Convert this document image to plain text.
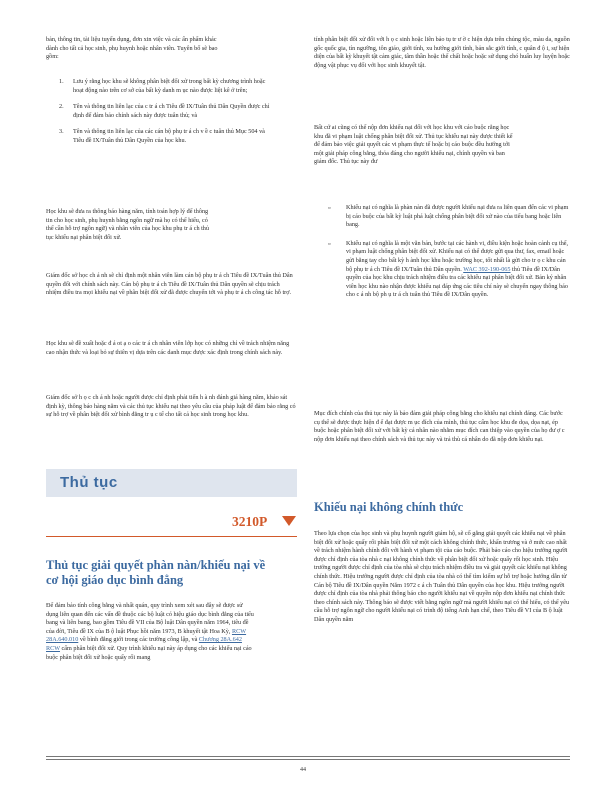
bản, thông tin, tài liệu tuyển dụng, đơn xin việc và các ấn phẩm khác dành cho tất cả học sinh, phụ huynh hoặc nhân viên. Tuyên bố sẽ bao gồm:

1. Lưu ý rằng học khu sẽ không phân biệt đối xử trong bất kỳ chương trình hoặc hoạt động nào trên cơ sở của bất kỳ danh m ục nào được liệt kê ở trên;
2. Tên và thông tin liên lạc của c tr á ch Tiêu đề IX/Tuân thủ Dân Quyền được chỉ định để đảm bảo chính sách này được tuân thủ; và
3. Tên và thông tin liên lạc của các cán bộ phụ tr á ch v ề c tuân thủ Mục 504 và Tiêu đề IX/Tuân thủ Dân Quyền của học khu.

Học khu sẽ đưa ra thông báo hàng năm, tính toán hợp lý để thông tin cho học sinh, phụ huynh bằng ngôn ngữ mà họ có thể hiểu, có thể cần hỗ trợ ngôn ngữ) và nhân viên của học khu phụ tr á ch thủ tục khiếu nại phân biệt đối xử.

Giám đốc sở học ch á nh sẽ chỉ định một nhân viên làm cán bộ phụ tr á ch Tiêu đề IX/Tuân thủ Dân quyền đối với chính sách này. Cán bộ phụ tr á ch Tiêu đề IX/Tuân thủ Dân quyền sẽ chịu trách nhiệm điều tra mọi khiếu nại về phân biệt đối xử đã được chuyển tới và phụ tr á ch công tác hỗ trợ.

Học khu sẽ đề xuất hoặc đ á ot ạ o các tr á ch nhân viên lớp học có những chỉ về trách nhiệm năng cao nhận thức và loại bỏ sự thiên vị dựa trên các danh mục được xác định trong chính sách này.

Giám đốc sở h ọ c ch á nh hoặc người được chỉ định phải tiến h à nh đánh giá hàng năm, khảo sát định kỳ, thông báo hàng năm và các thủ tục khiếu nại theo yêu cầu của pháp luật để đảm bảo rằng có sự hỗ trợ về phân biệt đối xử bình đẳng tr ụ c tế cho tất cả học sinh trong học khu.

Thủ tục
3210P
Thủ tục giải quyết phàn nàn/khiếu nại về cơ hội giáo dục bình đẳng

Để đảm bảo tính công bằng và nhất quán, quy trình xem xét sau đây sẽ được sử dụng liên quan đến các vấn đề thuộc các bộ luật có hiệu giáo dục bình đẳng của tiểu bang và liên bang, bao gồm Tiêu đề VII của Bộ luật Dân quyền năm 1964, tiêu đề của đời, Tiêu đề IX của B ộ luật Phục hồi năm 1973, B khuyết tật Hoa Kỳ, RCW 28A.640.010 về bình đẳng giới trong các trường công lập, và Chương 28A.642 RCW cấm phân biệt đối xử. Quy trình khiếu nại này áp dụng cho các khiếu nại cáo buộc phân biệt đối xử hoặc quấy rối mang

tính phân biệt đối xử đối với h ọ c sinh hoặc liên bảo tụ tr ư ờ c hiện dựa trên chủng tộc, màu da, nguồn gốc quốc gia, tín ngưỡng, tôn giáo, giới tính, xu hướng giới tính, bản sắc giới tính, c quân đ ộ i, sự hiện diện của bất kỳ khuyết tật cảm giác, tâm thần hoặc thể chất hoặc hoặc sử dụng chó huấn luy luyện hoặc động vật phục vụ đối với học sinh khuyết tật.

Bất cứ ai cũng có thể nộp đơn khiếu nại đối với học khu với cáo buộc rằng học khu đã vi phạm luật chống phân biệt đối xử. Thủ tục khiếu nại này được thiết kế để đảm bảo việc giải quyết các vi phạm thực tế hoặc bị cáo buộc đều hướng tới một giải pháp công bằng, thỏa đáng cho người khiếu nại, chính quyền và ban giám đốc. Thủ tục này đư

▫	Khiếu nại có nghĩa là phàn nàn đã được người khiếu nại đưa ra liên quan đến các vi phạm bị cáo buộc của bất kỳ luật phá luật chống phân biệt đối xử nào của tiểu bang hoặc liên bang.
▫	Khiếu nại có nghĩa là một văn bản, bước tại các hành vi, điều kiện hoặc hoàn cảnh cụ thể, vi phạm luật chống phân biệt đối xử. Khiếu nại có thể được gửi qua thư, fax, email hoặc gửi bằng tay cho bất kỳ h ành học khu hoặc trường học, tốt nhất là gửi cho tr ọ c khu cán bộ phụ tr á ch Tiêu đề IX/Tuân thủ Dân quyền. WAC 392-190-065 thủ Tiêu đề IX/Dân quyền của học khu chịu trách nhiệm điều tra các khiếu nại phân biệt đối xử. Bản ký nhân viên học khu nào nhận được khiếu nại đáp ứng các tiêu chí này sẽ chuyển ngay thông báo cho c á nh bộ ph ụ tr á ch tuân thủ Tiêu đề IX/Dân quyền.

Mục đích chính của thủ tục này là bảo đảm giải pháp công bằng cho khiếu nại chính đáng. Các bước cụ thể sẽ được thực hiện đ ể đạt được m ục đích của mình, thủ tục cấm học khu đe dọa, dọa nạt, ép buộc hoặc phân biệt đối xử với bất kỳ cá nhân nào nhằm mục đích can thiệp vào quyền của họ đư ợ c nộp đơn khiếu nại theo chính sách và thủ tục này và trả thù cá nhân do đã nộp đơn khiếu nại.

Khiếu nại không chính thức

Theo lựa chọn của học sinh và phụ huynh người giám hộ, sẽ cố gắng giải quyết các khiếu nại về phân biệt đối xử hoặc quấy rối phân biệt đối xử một cách không chính thức, khẩn trương và ở mức cao nhất về trách nhiệm hành chính đối với hành vi phạm tội của cáo buộc. Phải bảo cáo cho hiệu trưởng người được chỉ định của tòa nhà c nại không chính thức về phân biệt đối xử hoặc quấy rối học sinh. Hiệu trưởng người được chỉ định của tòa nhà sẽ chịu trách nhiệm điều tra và giải quyết các khiếu nại không chính thức. Hiệu trưởng người được chỉ định của tòa nhà có thể tìm kiếm sự hỗ trợ hoặc hướng dẫn từ Cán bộ Tiêu đề IX/Dân quyền Năm 1972 c á ch Tuân thủ Dân quyền của học khu. Hiệu trưởng người được chỉ định của tòa nhà phải thông báo cho người khiếu nại về quyền nộp đơn khiếu nại chính thức theo chính sách này. Thông báo sẽ được viết bằng ngôn ngữ mà người khiếu nại có thể hiểu, có thể yêu cầu hỗ trợ ngôn ngữ cho người khiếu nại có trình độ tiếng Anh hạn chế, theo Tiêu đề VI của B ộ luật Dân quyền năm

44
